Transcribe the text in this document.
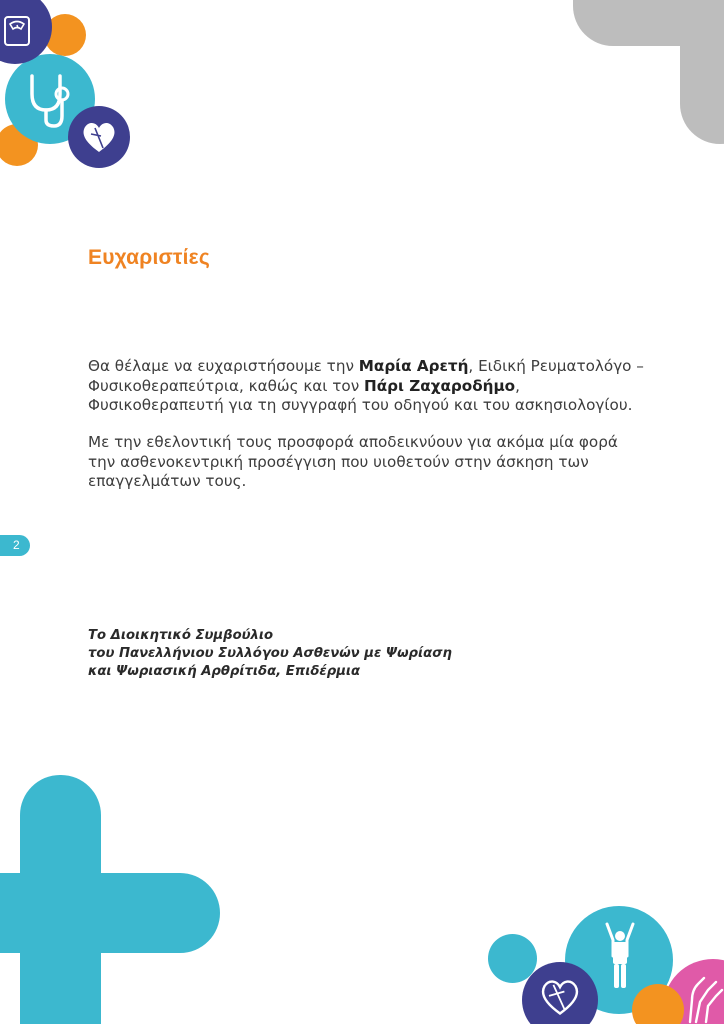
Ευχαριστίες

Θα θέλαμε να ευχαριστήσουμε την Μαρία Αρετή, Ειδική Ρευματολόγο – Φυσικοθεραπεύτρια, καθώς και τον Πάρι Ζαχαροδήμο, Φυσικοθεραπευτή για τη συγγραφή του οδηγού και του ασκησιολογίου.

Με την εθελοντική τους προσφορά αποδεικνύουν για ακόμα μία φορά την ασθενοκεντρική προσέγγιση που υιοθετούν στην άσκηση των επαγγελμάτων τους.

2
Το Διοικητικό Συμβούλιο
του Πανελλήνιου Συλλόγου Ασθενών με Ψωρίαση
και Ψωριασική Αρθρίτιδα, Επιδέρμια
